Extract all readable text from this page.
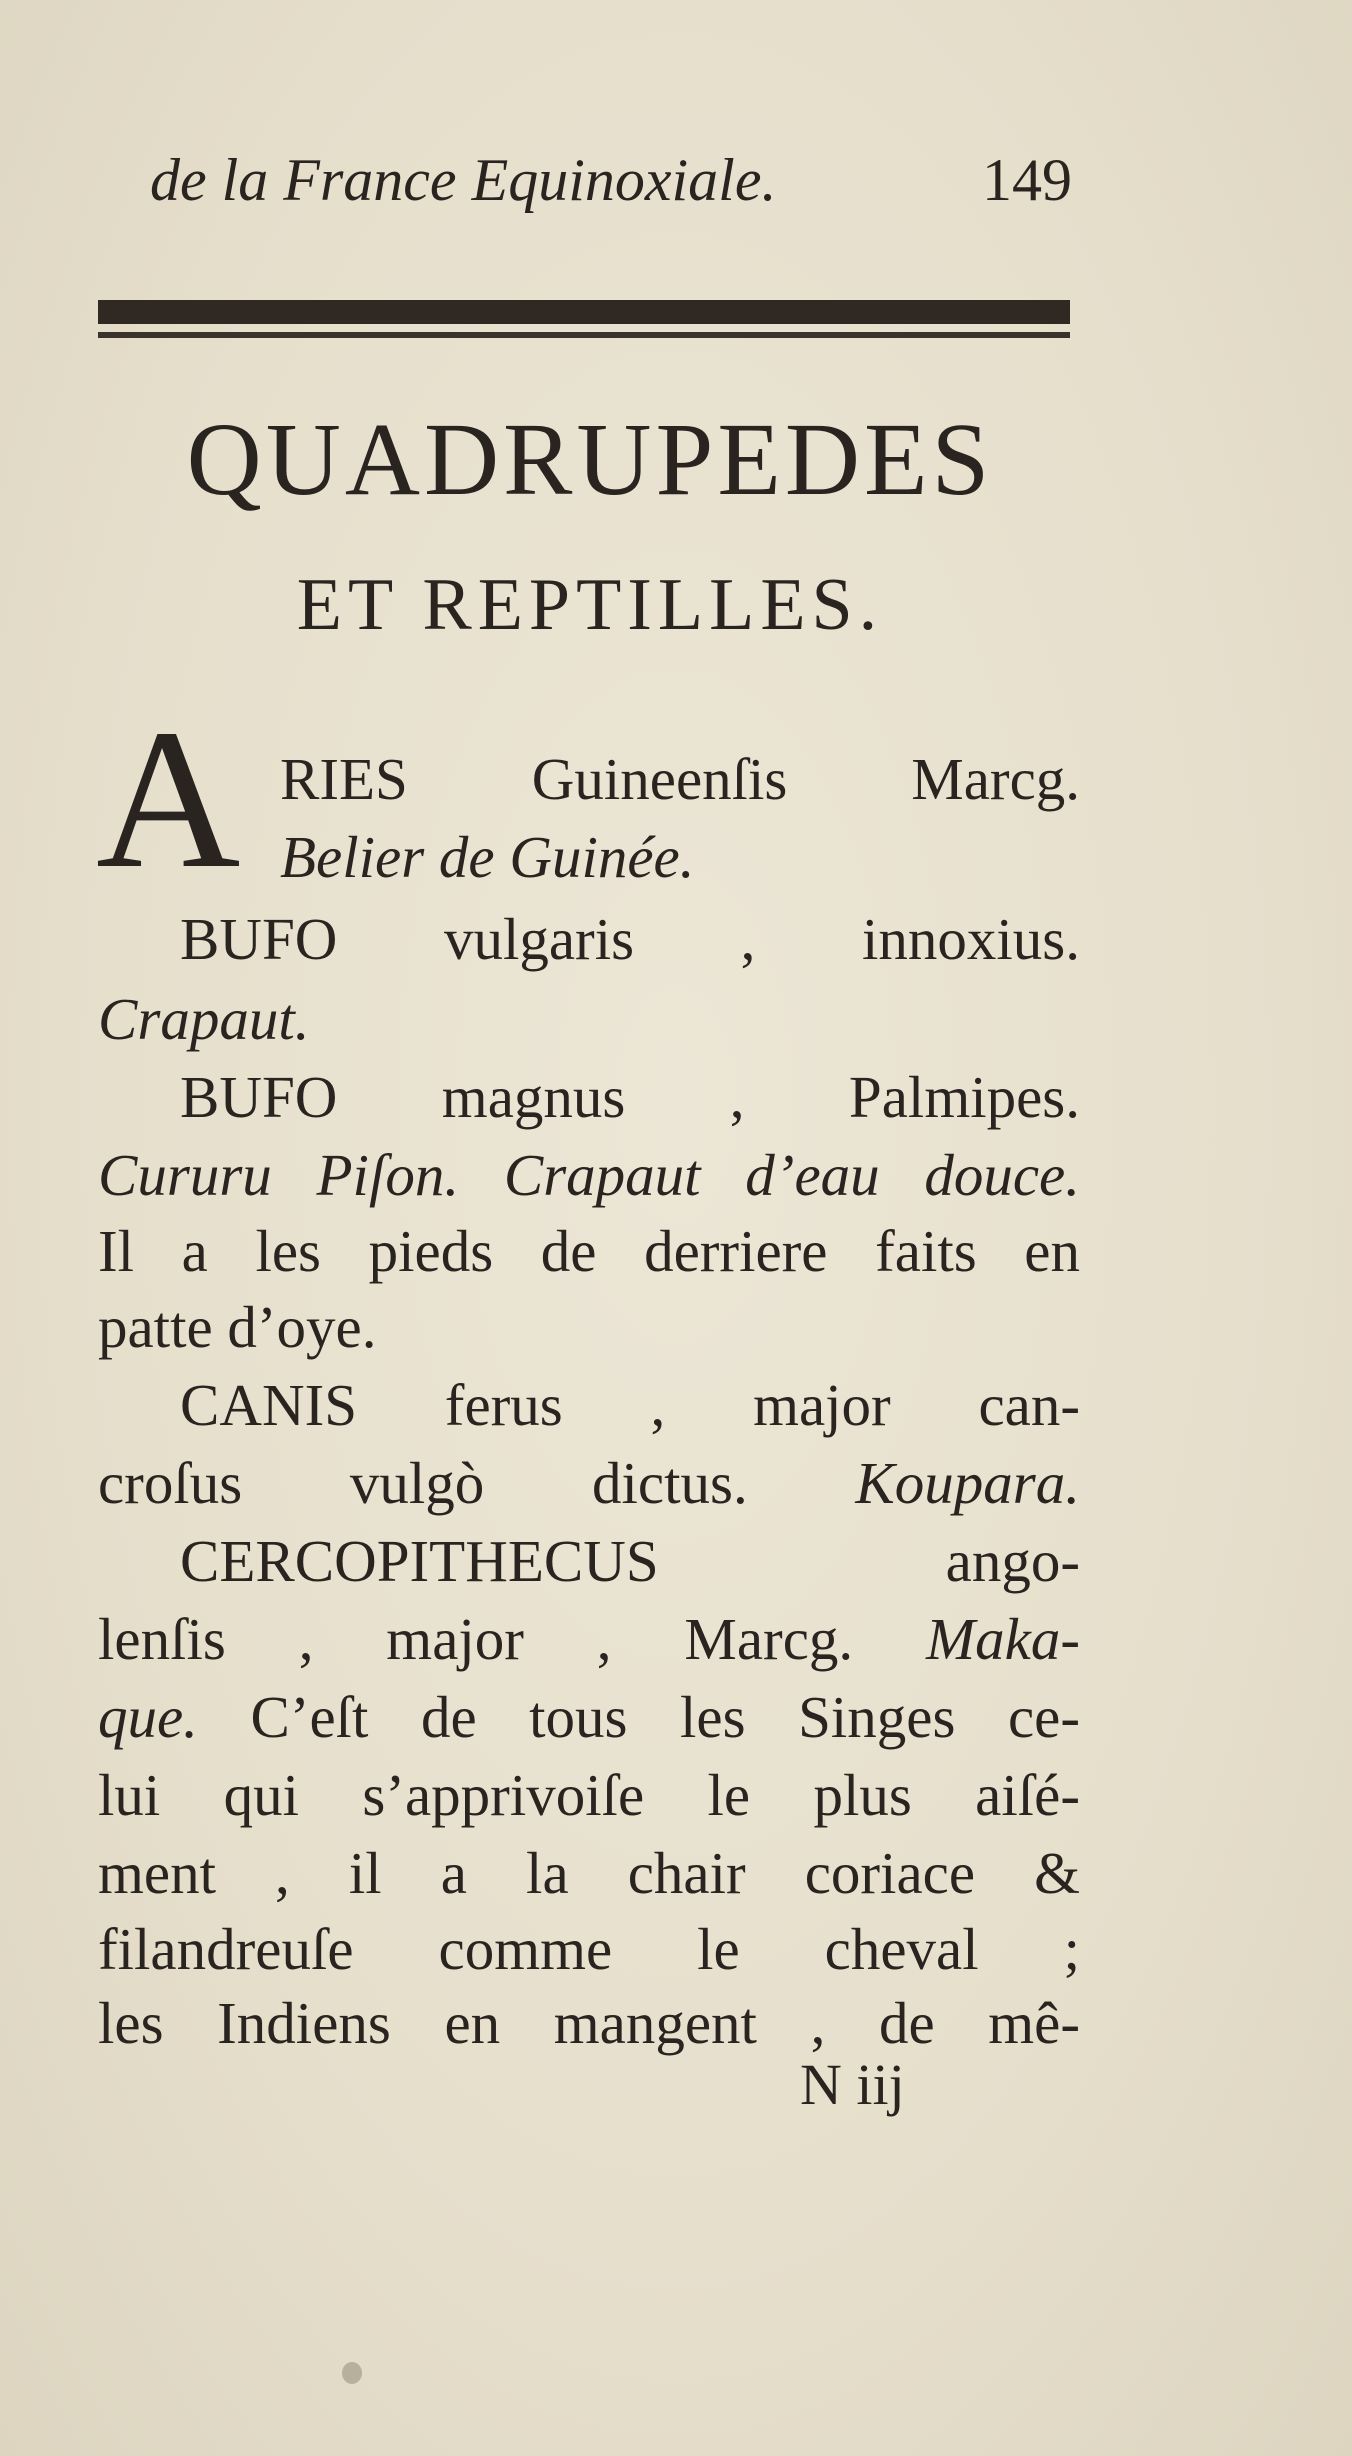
de la France Equinoxiale.	149
QUADRUPEDES
ET REPTILLES.
A RIES Guineenſis Marcg.
Belier de Guinée.
BUFO vulgaris , innoxius.
Crapaut.
BUFO magnus , Palmipes.
Cururu Piſon. Crapaut d’eau douce.
Il a les pieds de derriere faits en
patte d’oye.
CANIS ferus , major can-
croſus vulgò dictus. Koupara.
CERCOPITHECUS ango-
lenſis , major , Marcg. Maka-
que. C’eſt de tous les Singes ce-
lui qui s’apprivoiſe le plus aiſé-
ment , il a la chair coriace &
filandreuſe comme le cheval ;
les Indiens en mangent , de mê-
N iij
